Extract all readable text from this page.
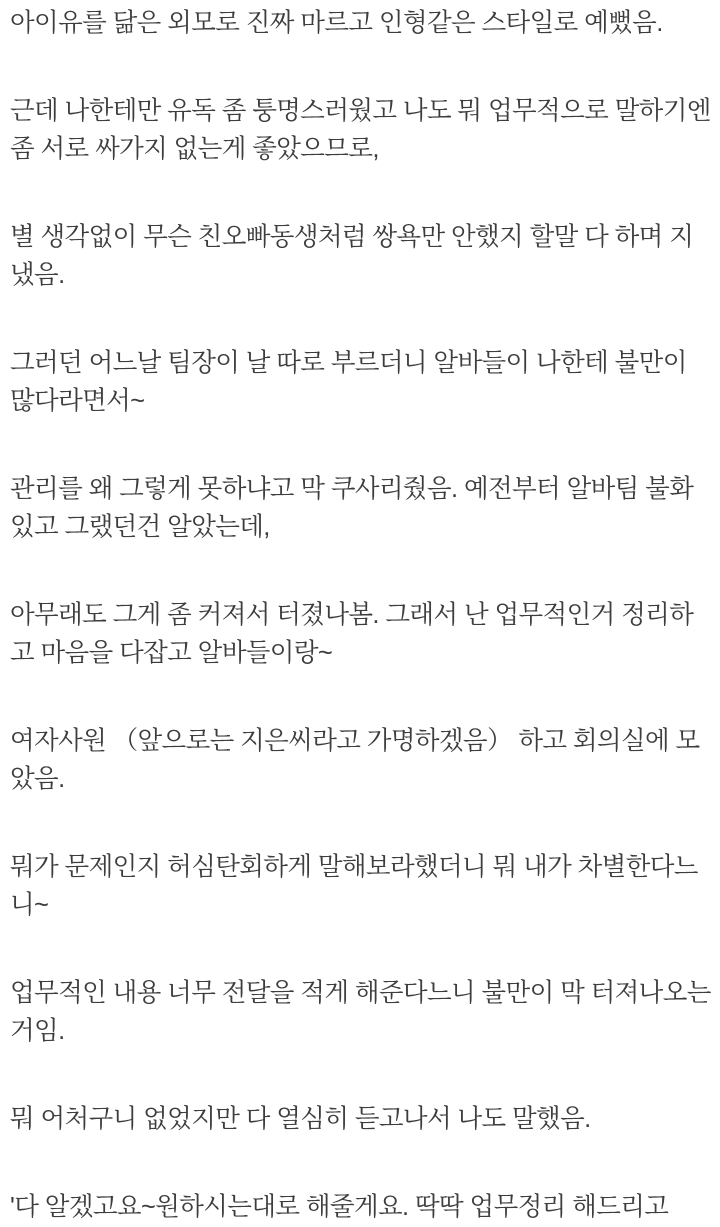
아이유를 닮은 외모로 진짜 마르고 인형같은 스타일로 예뻤음.

근데 나한테만 유독 좀 퉁명스러웠고 나도 뭐 업무적으로 말하기엔 좀 서로 싸가지 없는게 좋았으므로,

별 생각없이 무슨 친오빠동생처럼 쌍욕만 안했지 할말 다 하며 지냈음.

그러던 어느날 팀장이 날 따로 부르더니 알바들이 나한테 불만이 많다라면서~

관리를 왜 그렇게 못하냐고 막 쿠사리줬음. 예전부터 알바팀 불화있고 그랬던건 알았는데,

아무래도 그게 좀 커져서 터졌나봄. 그래서 난 업무적인거 정리하고 마음을 다잡고 알바들이랑~

여자사원 （앞으로는 지은씨라고 가명하겠음） 하고 회의실에 모았음.

뭐가 문제인지 허심탄회하게 말해보라했더니 뭐 내가 차별한다느니~

업무적인 내용 너무 전달을 적게 해준다느니 불만이 막 터져나오는거임.

뭐 어처구니 없었지만 다 열심히 듣고나서 나도 말했음.

'다 알겠고요~원하시는대로 해줄게요. 딱딱 업무정리 해드리고
